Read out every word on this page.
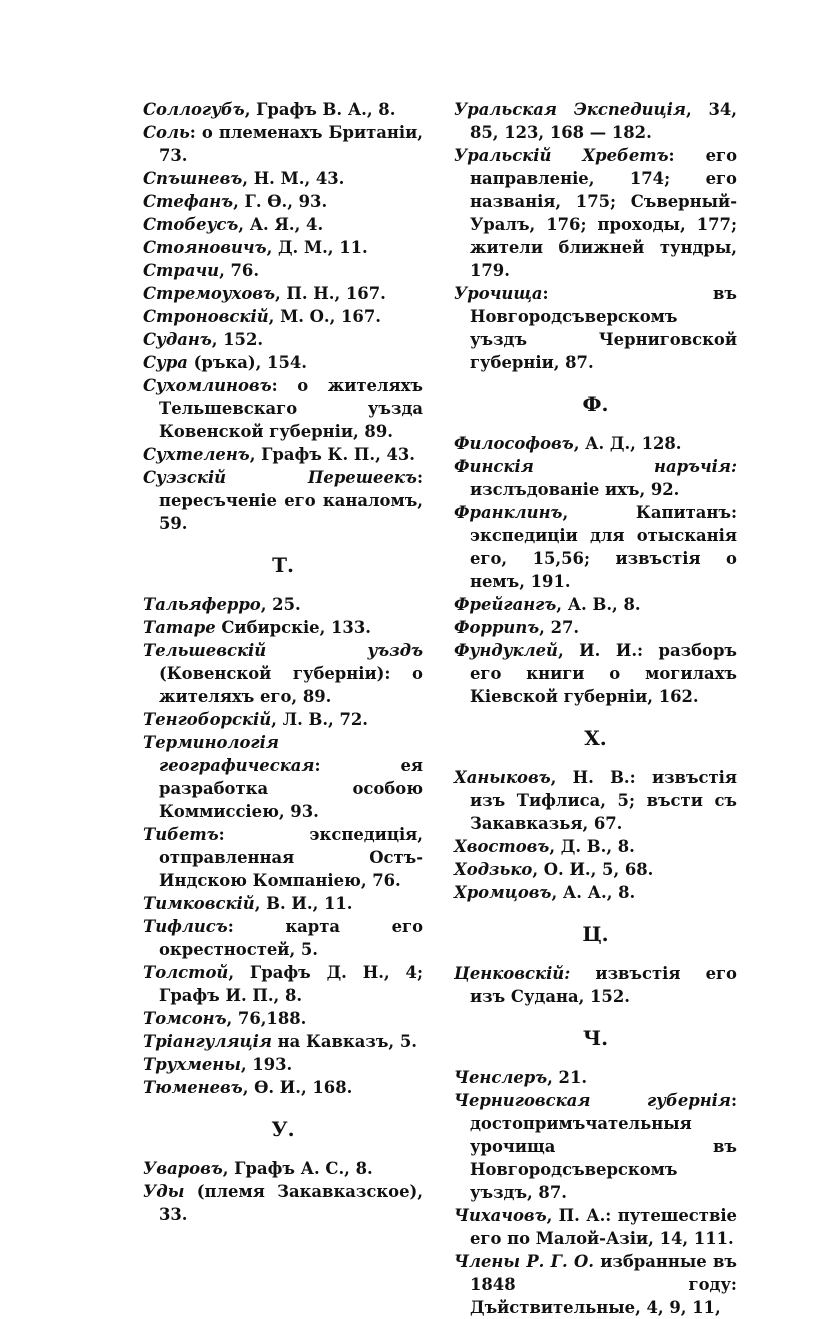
Соллогубъ, Графъ В. А., 8.
Соль: о племенахъ Британіи, 73.
Спъшневъ, Н. М., 43.
Стефанъ, Г. Ѳ., 93.
Стобеусъ, А. Я., 4.
Стояновичъ, Д. М., 11.
Страчи, 76.
Стремоуховъ, П. Н., 167.
Строновскій, М. О., 167.
Суданъ, 152.
Сура (ръка), 154.
Сухомлиновъ: о жителяхъ Тельшевскаго уъзда Ковенской губерніи, 89.
Сухтеленъ, Графъ К. П., 43.
Суэзскій Перешеекъ: пересъченіе его каналомъ, 59.
Т.
Тальяферро, 25.
Татаре Сибирскіе, 133.
Тельшевскій уъздъ (Ковенской губерніи): о жителяхъ его, 89.
Тенгоборскій, Л. В., 72.
Терминологія географическая: ея разработка особою Коммиссіею, 93.
Тибетъ: экспедиція, отправленная Остъ-Индскою Компаніею, 76.
Тимковскій, В. И., 11.
Тифлисъ: карта его окрестностей, 5.
Толстой, Графъ Д. Н., 4; Графъ И. П., 8.
Томсонъ, 76,188.
Тріангуляція на Кавказъ, 5.
Трухмены, 193.
Тюменевъ, Ѳ. И., 168.
У.
Уваровъ, Графъ А. С., 8.
Уды (племя Закавказское), 33.
Уральская Экспедиція, 34, 85, 123, 168 — 182.
Уральскій Хребетъ: его направленіе, 174; его названія, 175; Съверный-Уралъ, 176; проходы, 177; жители ближней тундры, 179.
Урочища: въ Новгородсъверскомъ уъздъ Черниговской губерніи, 87.
Ф.
Философовъ, А. Д., 128.
Финскія наръчія: изслъдованіе ихъ, 92.
Франклинъ, Капитанъ: экспедиціи для отысканія его, 15,56; извъстія о немъ, 191.
Фрейгангъ, А. В., 8.
Форрипъ, 27.
Фундуклей, И. И.: разборъ его книги о могилахъ Кіевской губерніи, 162.
Х.
Ханыковъ, Н. В.: извъстія изъ Тифлиса, 5; въсти съ Закавказья, 67.
Хвостовъ, Д. В., 8.
Ходзько, О. И., 5, 68.
Хромцовъ, А. А., 8.
Ц.
Ценковскій: извъстія его изъ Судана, 152.
Ч.
Ченслеръ, 21.
Черниговская губернія: достопримъчательныя урочища въ Новгородсъверскомъ уъздъ, 87.
Чихачовъ, П. А.: путешествіе его по Малой-Азіи, 14, 111.
Члены Р. Г. О. избранные въ 1848 году: Дъйствительные, 4, 9, 11,
